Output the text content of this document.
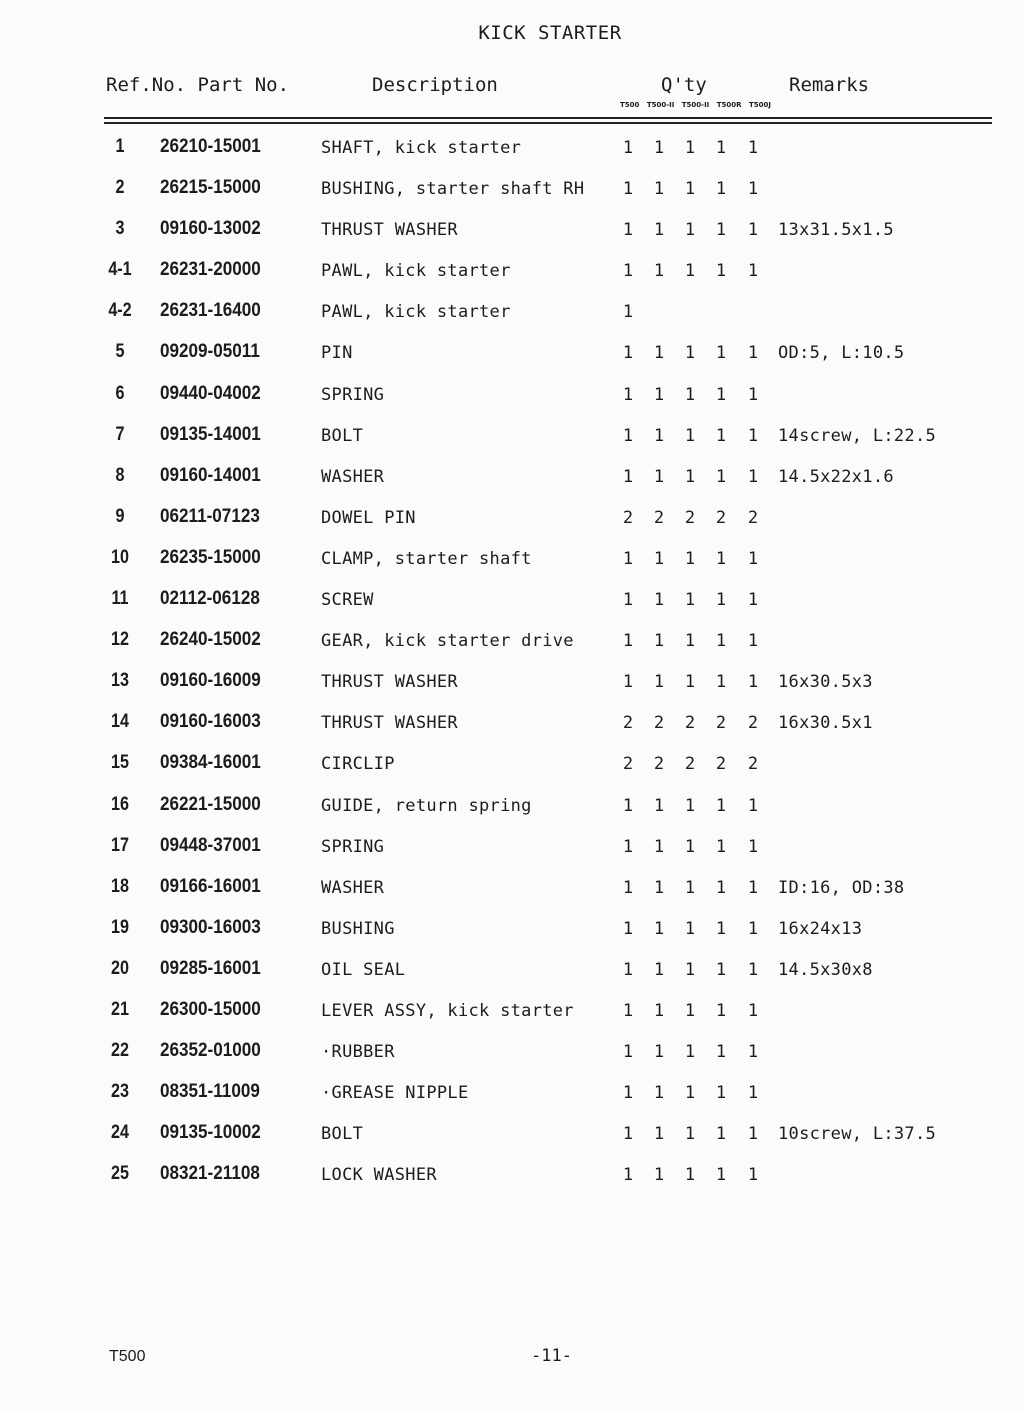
KICK STARTER
Ref.No. Part No.	Description	Q'ty	Remarks
T500 T500-II T500-II T500R T500J
1	26210-15001	SHAFT, kick starter	1 1 1 1 1
2	26215-15000	BUSHING, starter shaft RH 1 1 1 1 1
3	09160-13002	THRUST WASHER	1 1 1 1 1 13x31.5x1.5
4-1 26231-20000	PAWL, kick starter	1 1 1 1 1
4-2 26231-16400	PAWL, kick starter	1
5	09209-05011	PIN	1 1 1 1 1 OD:5, L:10.5
6	09440-04002	SPRING	1 1 1 1 1
7	09135-14001	BOLT	1 1 1 1 1 14screw, L:22.5
8	09160-14001	WASHER	1 1 1 1 1 14.5x22x1.6
9	06211-07123	DOWEL PIN	2 2 2 2 2
10	26235-15000	CLAMP, starter shaft	1 1 1 1 1
11	02112-06128	SCREW	1 1 1 1 1
12	26240-15002	GEAR, kick starter drive	1 1 1 1 1
13	09160-16009	THRUST WASHER	1 1 1 1 1 16x30.5x3
14	09160-16003	THRUST WASHER	2 2 2 2 2 16x30.5x1
15	09384-16001	CIRCLIP	2 2 2 2 2
16	26221-15000	GUIDE, return spring	1 1 1 1 1
17	09448-37001	SPRING	1 1 1 1 1
18	09166-16001	WASHER	1 1 1 1 1 ID:16, OD:38
19	09300-16003	BUSHING	1 1 1 1 1 16x24x13
20	09285-16001	OIL SEAL	1 1 1 1 1 14.5x30x8
21	26300-15000	LEVER ASSY, kick starter	1 1 1 1 1
22	26352-01000	·RUBBER	1 1 1 1 1
23	08351-11009	·GREASE NIPPLE	1 1 1 1 1
24	09135-10002	BOLT	1 1 1 1 1 10screw, L:37.5
25	08321-21108	LOCK WASHER	1 1 1 1 1
T500	-11-
